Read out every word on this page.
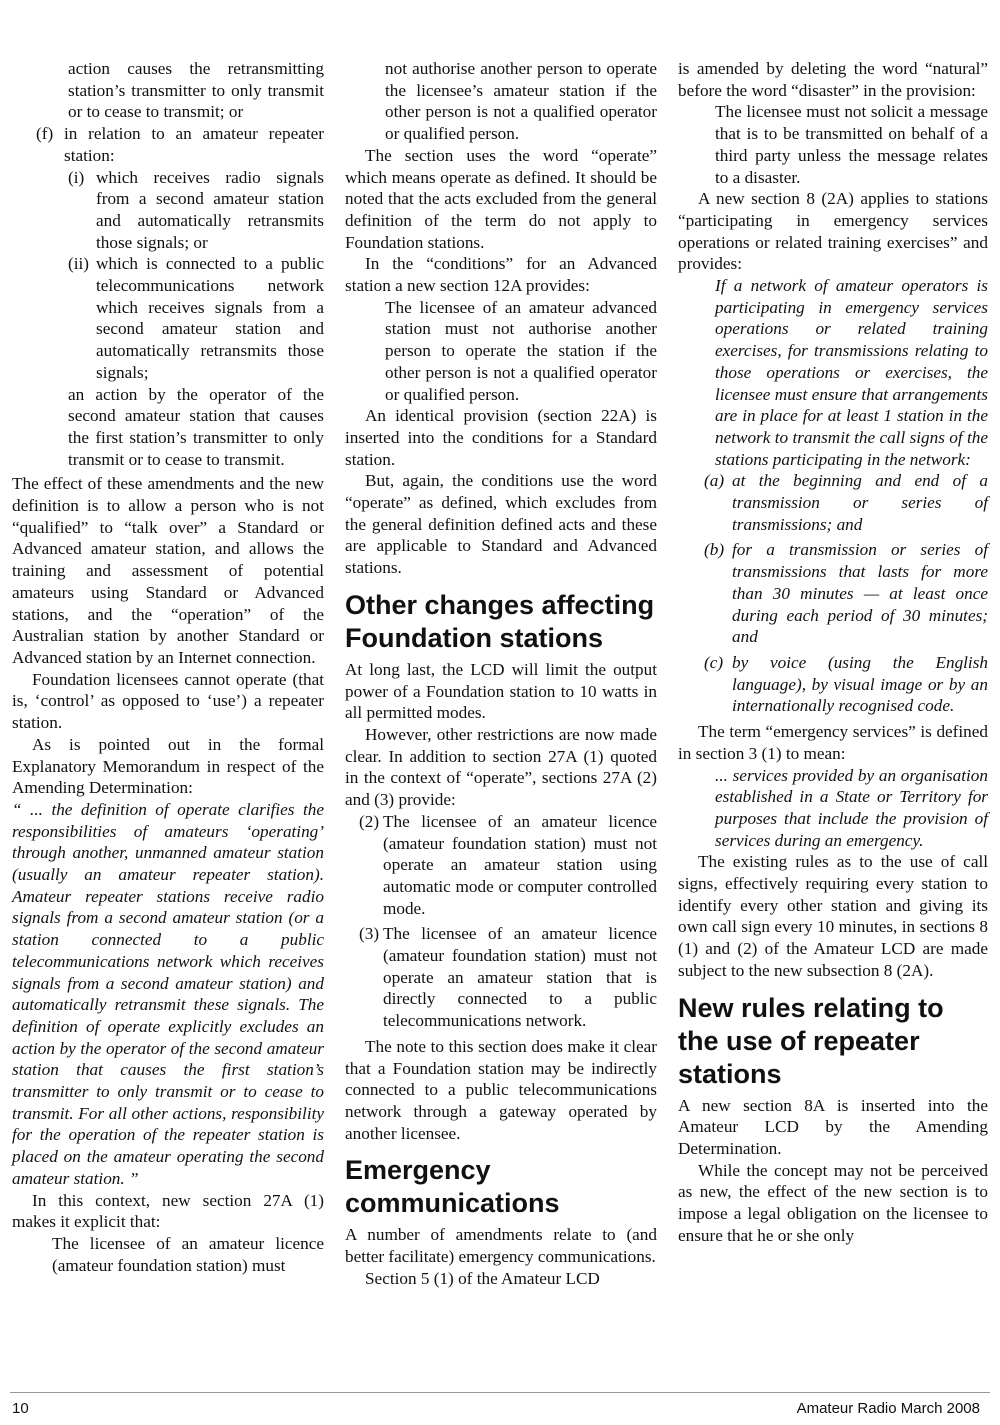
action causes the retransmitting station’s transmitter to only transmit or to cease to transmit; or

(f) in relation to an amateur repeater station:
(i) which receives radio signals from a second amateur station and automatically retransmits those signals; or
(ii) which is connected to a public telecommunications network which receives signals from a second amateur station and automatically retransmits those signals;

an action by the operator of the second amateur station that causes the first station’s transmitter to only transmit or to cease to transmit.

The effect of these amendments and the new definition is to allow a person who is not “qualified” to “talk over” a Standard or Advanced amateur station, and allows the training and assessment of potential amateurs using Standard or Advanced stations, and the “operation” of the Australian station by another Standard or Advanced station by an Internet connection.

Foundation licensees cannot operate (that is, ‘control’ as opposed to ‘use’) a repeater station.

As is pointed out in the formal Explanatory Memorandum in respect of the Amending Determination:

“ ... the definition of operate clarifies the responsibilities of amateurs ‘operating’ through another, unmanned amateur station (usually an amateur repeater station). Amateur repeater stations receive radio signals from a second amateur station (or a station connected to a public telecommunications network which receives signals from a second amateur station) and automatically retransmit these signals. The definition of operate explicitly excludes an action by the operator of the second amateur station that causes the first station’s transmitter to only transmit or to cease to transmit. For all other actions, responsibility for the operation of the repeater station is placed on the amateur operating the second amateur station. ”

In this context, new section 27A (1) makes it explicit that:

The licensee of an amateur licence (amateur foundation station) must

not authorise another person to operate the licensee’s amateur station if the other person is not a qualified operator or qualified person.

The section uses the word “operate” which means operate as defined. It should be noted that the acts excluded from the general definition of the term do not apply to Foundation stations.

In the “conditions” for an Advanced station a new section 12A provides:

The licensee of an amateur advanced station must not authorise another person to operate the station if the other person is not a qualified operator or qualified person.

An identical provision (section 22A) is inserted into the conditions for a Standard station.

But, again, the conditions use the word “operate” as defined, which excludes from the general definition defined acts and these are applicable to Standard and Advanced stations.

Other changes affecting Foundation stations

At long last, the LCD will limit the output power of a Foundation station to 10 watts in all permitted modes.

However, other restrictions are now made clear. In addition to section 27A (1) quoted in the context of “operate”, sections 27A (2) and (3) provide:

(2) The licensee of an amateur licence (amateur foundation station) must not operate an amateur station using automatic mode or computer controlled mode.
(3) The licensee of an amateur licence (amateur foundation station) must not operate an amateur station that is directly connected to a public telecommunications network.

The note to this section does make it clear that a Foundation station may be indirectly connected to a public telecommunications network through a gateway operated by another licensee.

Emergency communications

A number of amendments relate to (and better facilitate) emergency communications.

Section 5 (1) of the Amateur LCD

is amended by deleting the word “natural” before the word “disaster” in the provision:

The licensee must not solicit a message that is to be transmitted on behalf of a third party unless the message relates to a disaster.

A new section 8 (2A) applies to stations “participating in emergency services operations or related training exercises” and provides:

If a network of amateur operators is participating in emergency services operations or related training exercises, for transmissions relating to those operations or exercises, the licensee must ensure that arrangements are in place for at least 1 station in the network to transmit the call signs of the stations participating in the network:

(a) at the beginning and end of a transmission or series of transmissions; and
(b) for a transmission or series of transmissions that lasts for more than 30 minutes — at least once during each period of 30 minutes; and
(c) by voice (using the English language), by visual image or by an internationally recognised code.

The term “emergency services” is defined in section 3 (1) to mean:

... services provided by an organisation established in a State or Territory for purposes that include the provision of services during an emergency.

The existing rules as to the use of call signs, effectively requiring every station to identify every other station and giving its own call sign every 10 minutes, in sections 8 (1) and (2) of the Amateur LCD are made subject to the new subsection 8 (2A).

New rules relating to the use of repeater stations

A new section 8A is inserted into the Amateur LCD by the Amending Determination.

While the concept may not be perceived as new, the effect of the new section is to impose a legal obligation on the licensee to ensure that he or she only

10	Amateur Radio March 2008
